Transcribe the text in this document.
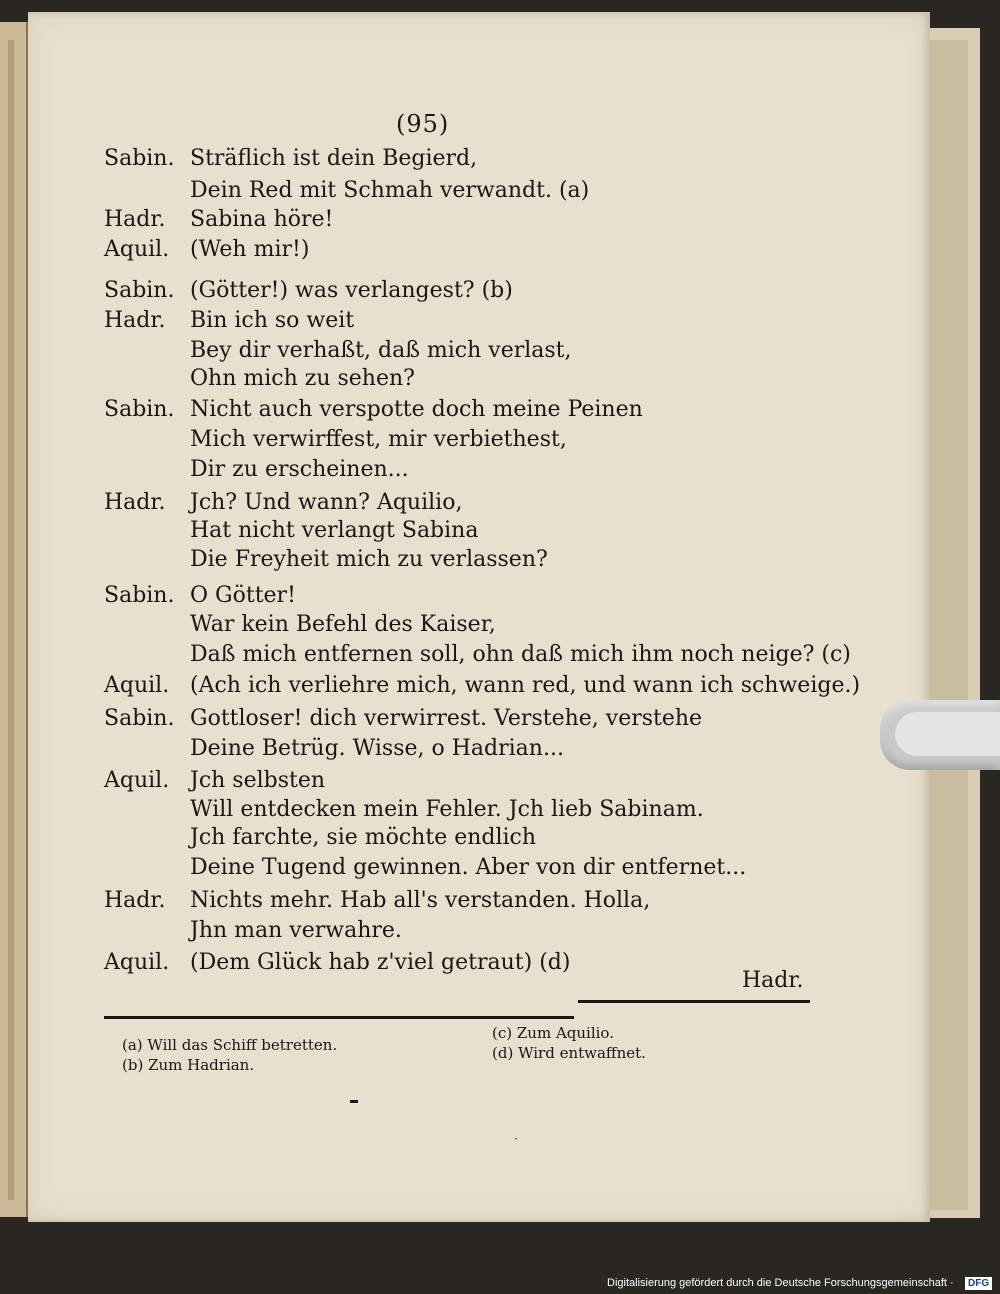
(95)
Sabin. Sträflich ist dein Begierd,
Dein Red mit Schmah verwandt. (a)
Hadr. Sabina höre!
Aquil. (Weh mir!)
Sabin. (Götter!) was verlangest? (b)
Hadr. Bin ich so weit
Bey dir verhaßt, daß mich verlast,
Ohn mich zu sehen?
Sabin. Nicht auch verspotte doch meine Peinen
Mich verwirffest, mir verbiethest,
Dir zu erscheinen...
Hadr. Jch? Und wann? Aquilio,
Hat nicht verlangt Sabina
Die Freyheit mich zu verlassen?
Sabin. O Götter!
War kein Befehl des Kaiser,
Daß mich entfernen soll, ohn daß mich ihm noch neige? (c)
Aquil. (Ach ich verliehre mich, wann red, und wann ich schweige.)
Sabin. Gottloser! dich verwirrest. Verstehe, verstehe
Deine Betrüg. Wisse, o Hadrian...
Aquil. Jch selbsten
Will entdecken mein Fehler. Jch lieb Sabinam.
Jch farchte, sie möchte endlich
Deine Tugend gewinnen. Aber von dir entfernet...
Hadr. Nichts mehr. Hab all's verstanden. Holla,
Jhn man verwahre.
Aquil. (Dem Glück hab z'viel getraut) (d)
Hadr.
(a) Will das Schiff betretten.
(b) Zum Hadrian.
(c) Zum Aquilio.
(d) Wird entwaffnet.
·
Digitalisierung gefördert durch die Deutsche Forschungsgemeinschaft ·	DFG
